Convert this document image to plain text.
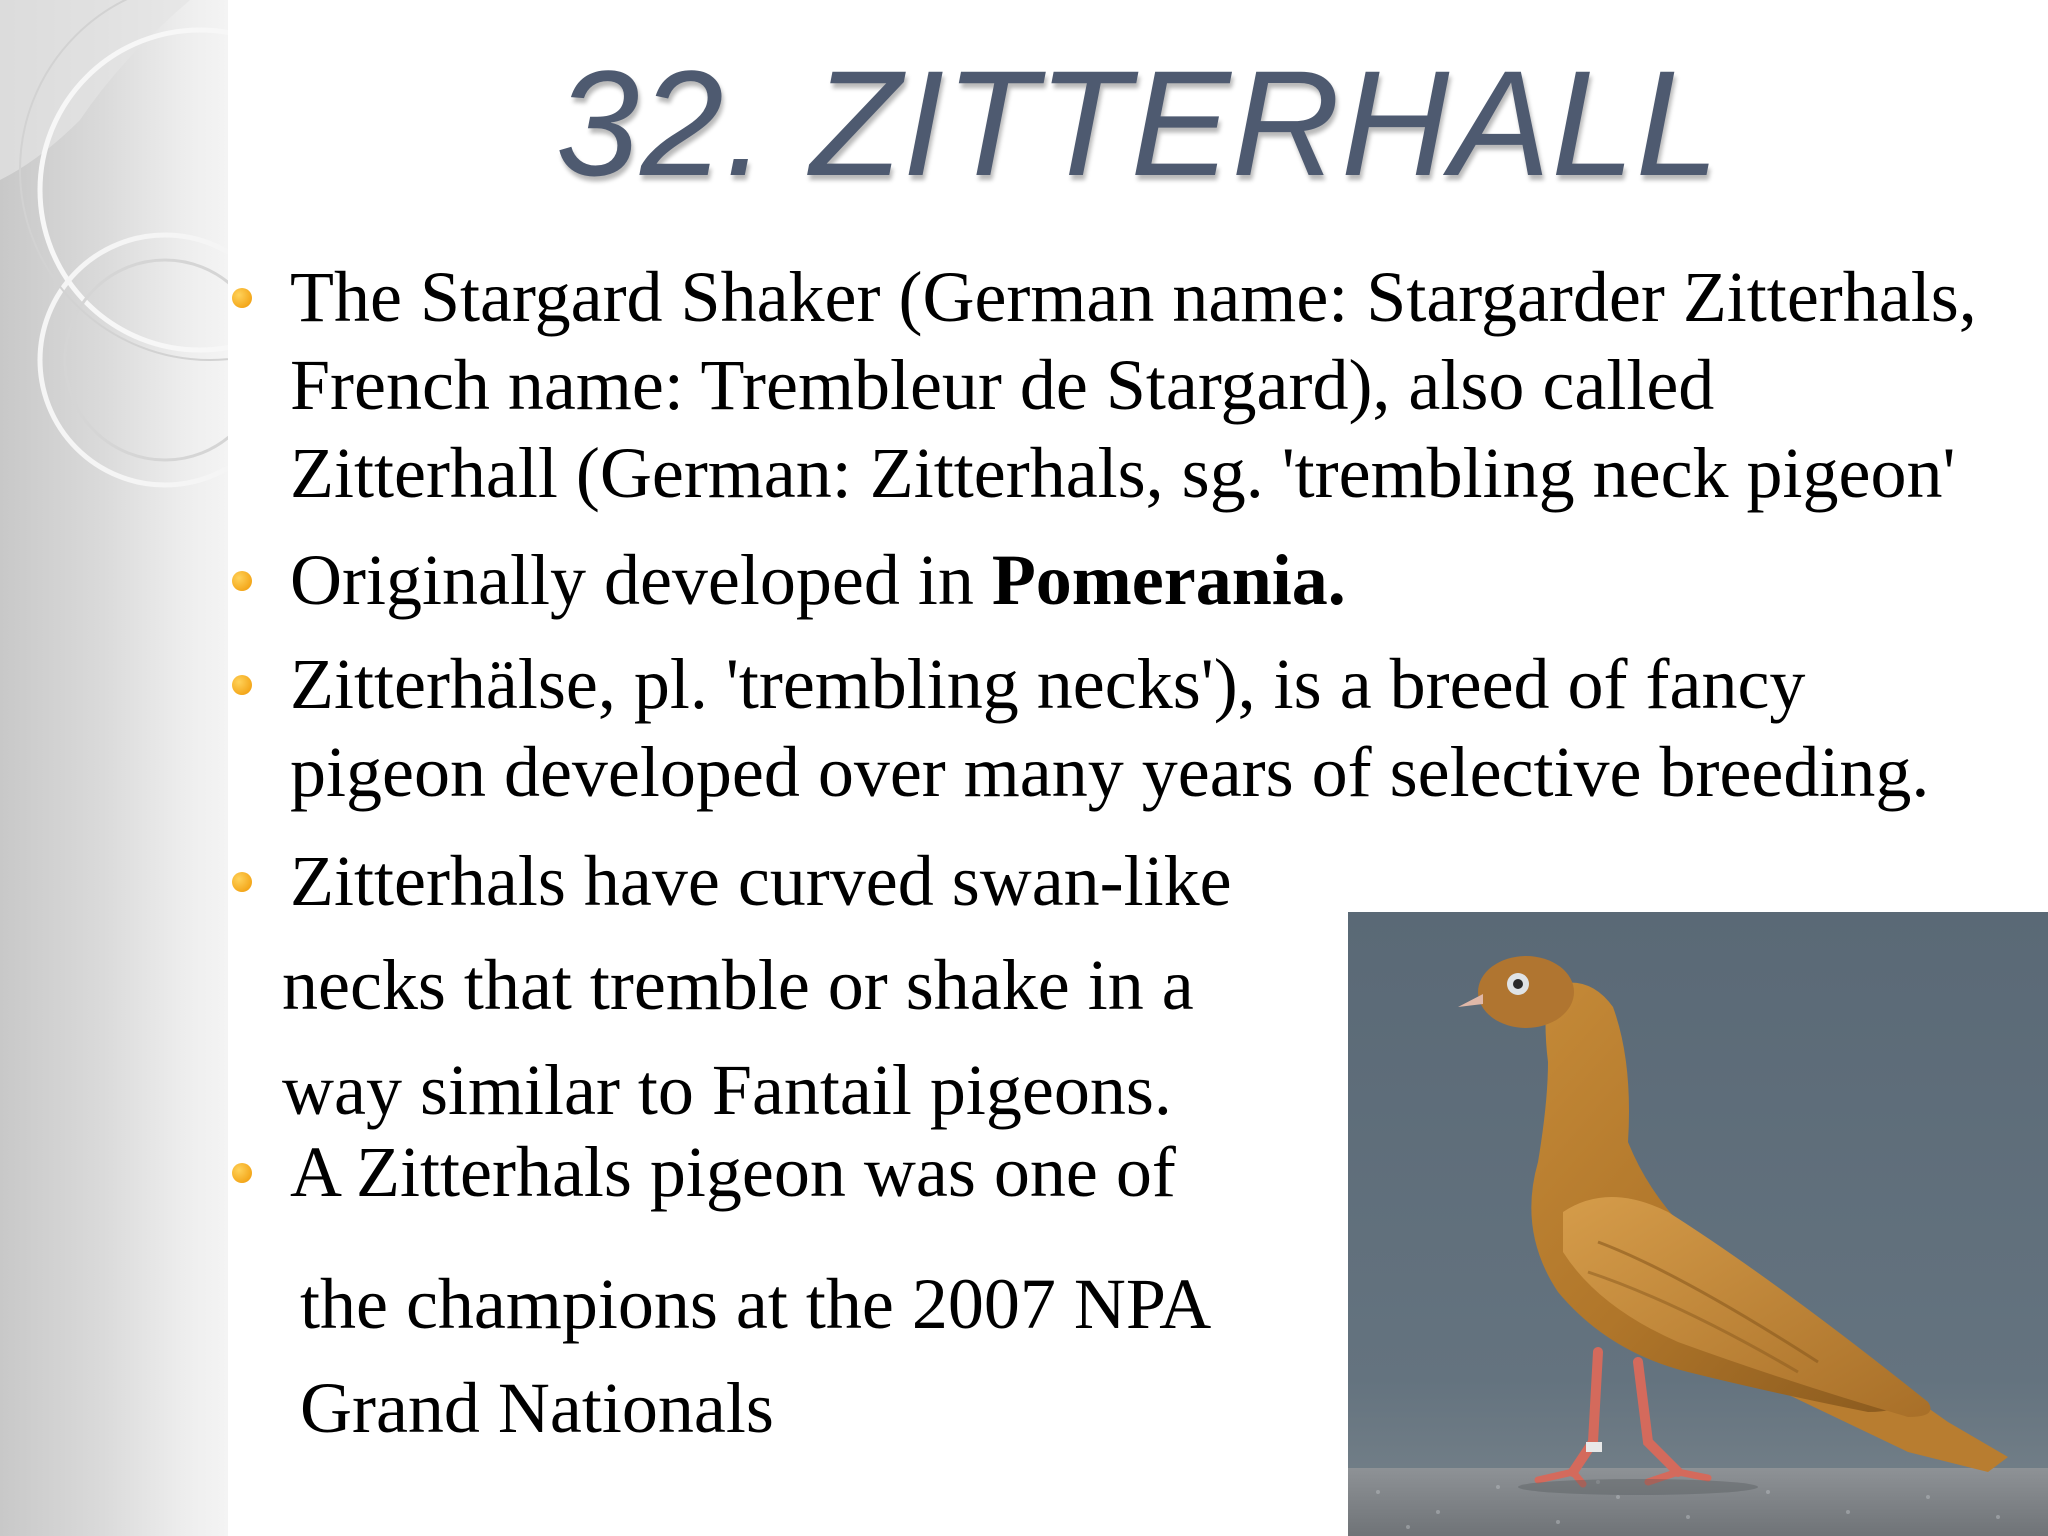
32. ZITTERHALL
The Stargard Shaker (German name: Stargarder Zitterhals,
French name: Trembleur de Stargard), also called
Zitterhall (German: Zitterhals, sg. 'trembling neck pigeon'
Originally developed in Pomerania.
Zitterhälse, pl. 'trembling necks'), is a breed of fancy
pigeon developed over many years of selective breeding.
Zitterhals have curved swan-like
necks that tremble or shake in a
way similar to Fantail pigeons.
A Zitterhals pigeon was one of
the champions at the 2007 NPA
Grand Nationals
